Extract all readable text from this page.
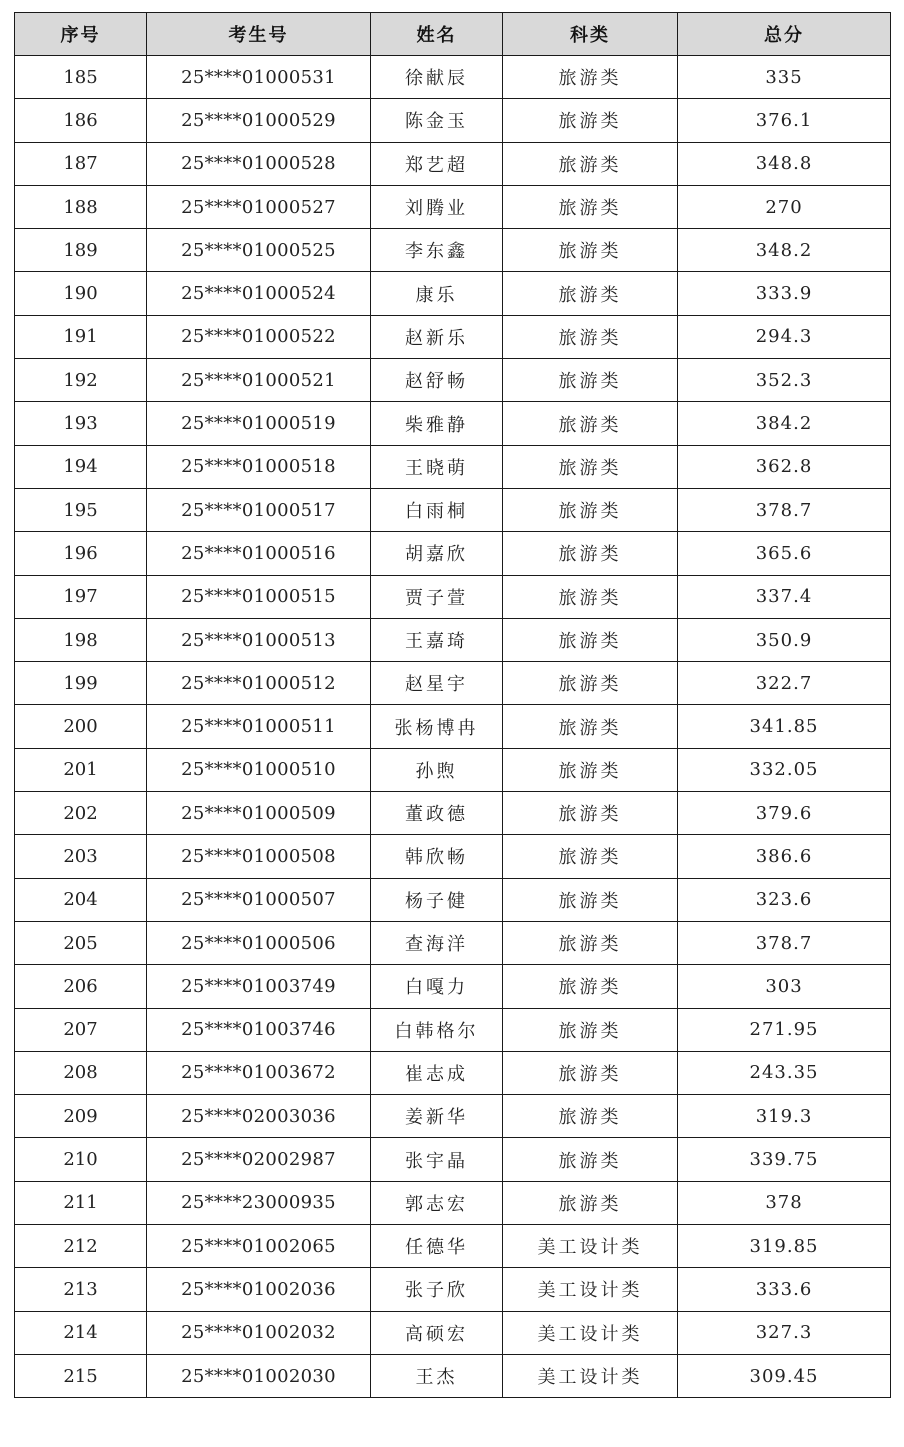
序号	考生号	姓名	科类	总分
185	25****01000531	徐献辰	旅游类	335
186	25****01000529	陈金玉	旅游类	376.1
187	25****01000528	郑艺超	旅游类	348.8
188	25****01000527	刘腾业	旅游类	270
189	25****01000525	李东鑫	旅游类	348.2
190	25****01000524	康乐	旅游类	333.9
191	25****01000522	赵新乐	旅游类	294.3
192	25****01000521	赵舒畅	旅游类	352.3
193	25****01000519	柴雅静	旅游类	384.2
194	25****01000518	王晓萌	旅游类	362.8
195	25****01000517	白雨桐	旅游类	378.7
196	25****01000516	胡嘉欣	旅游类	365.6
197	25****01000515	贾子萱	旅游类	337.4
198	25****01000513	王嘉琦	旅游类	350.9
199	25****01000512	赵星宇	旅游类	322.7
200	25****01000511	张杨博冉	旅游类	341.85
201	25****01000510	孙煦	旅游类	332.05
202	25****01000509	董政德	旅游类	379.6
203	25****01000508	韩欣畅	旅游类	386.6
204	25****01000507	杨子健	旅游类	323.6
205	25****01000506	查海洋	旅游类	378.7
206	25****01003749	白嘎力	旅游类	303
207	25****01003746	白韩格尔	旅游类	271.95
208	25****01003672	崔志成	旅游类	243.35
209	25****02003036	姜新华	旅游类	319.3
210	25****02002987	张宇晶	旅游类	339.75
211	25****23000935	郭志宏	旅游类	378
212	25****01002065	任德华	美工设计类	319.85
213	25****01002036	张子欣	美工设计类	333.6
214	25****01002032	高硕宏	美工设计类	327.3
215	25****01002030	王杰	美工设计类	309.45
